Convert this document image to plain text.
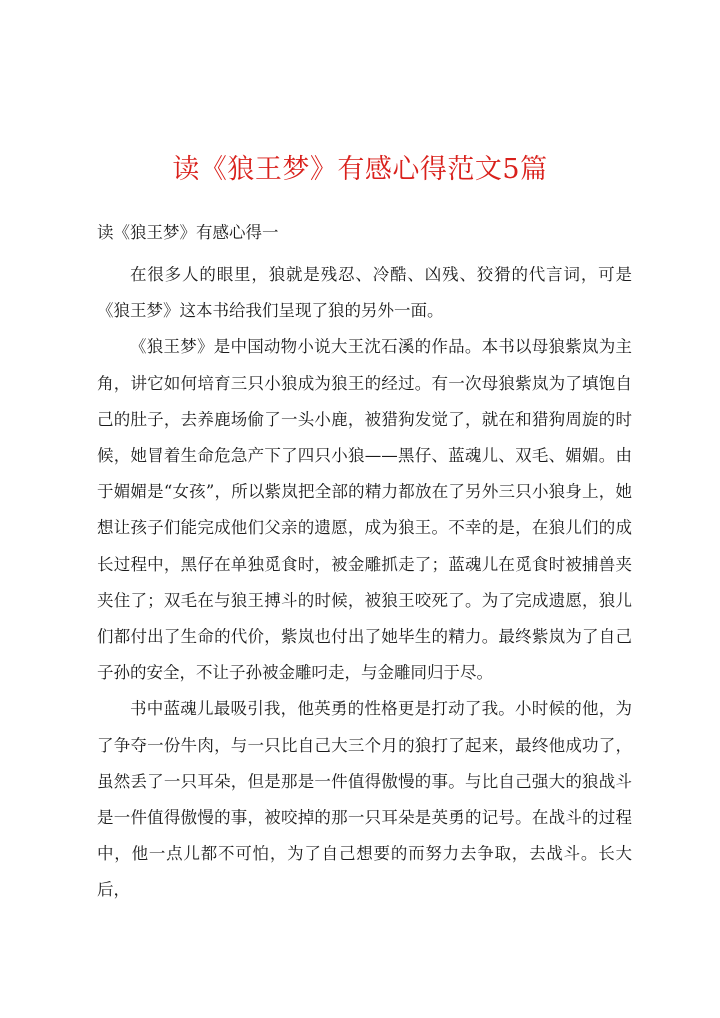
读《狼王梦》有感心得范文5篇
读《狼王梦》有感心得一

在很多人的眼里，狼就是残忍、冷酷、凶残、狡猾的代言词，可是《狼王梦》这本书给我们呈现了狼的另外一面。

《狼王梦》是中国动物小说大王沈石溪的作品。本书以母狼紫岚为主角，讲它如何培育三只小狼成为狼王的经过。有一次母狼紫岚为了填饱自己的肚子，去养鹿场偷了一头小鹿，被猎狗发觉了，就在和猎狗周旋的时候，她冒着生命危急产下了四只小狼——黑仔、蓝魂儿、双毛、媚媚。由于媚媚是“女孩”，所以紫岚把全部的精力都放在了另外三只小狼身上，她想让孩子们能完成他们父亲的遗愿，成为狼王。不幸的是，在狼儿们的成长过程中，黑仔在单独觅食时，被金雕抓走了；蓝魂儿在觅食时被捕兽夹夹住了；双毛在与狼王搏斗的时候，被狼王咬死了。为了完成遗愿，狼儿们都付出了生命的代价，紫岚也付出了她毕生的精力。最终紫岚为了自己子孙的安全，不让子孙被金雕叼走，与金雕同归于尽。

书中蓝魂儿最吸引我，他英勇的性格更是打动了我。小时候的他，为了争夺一份牛肉，与一只比自己大三个月的狼打了起来，最终他成功了，虽然丢了一只耳朵，但是那是一件值得傲慢的事。与比自己强大的狼战斗是一件值得傲慢的事，被咬掉的那一只耳朵是英勇的记号。在战斗的过程中，他一点儿都不可怕，为了自己想要的而努力去争取，去战斗。长大后，
